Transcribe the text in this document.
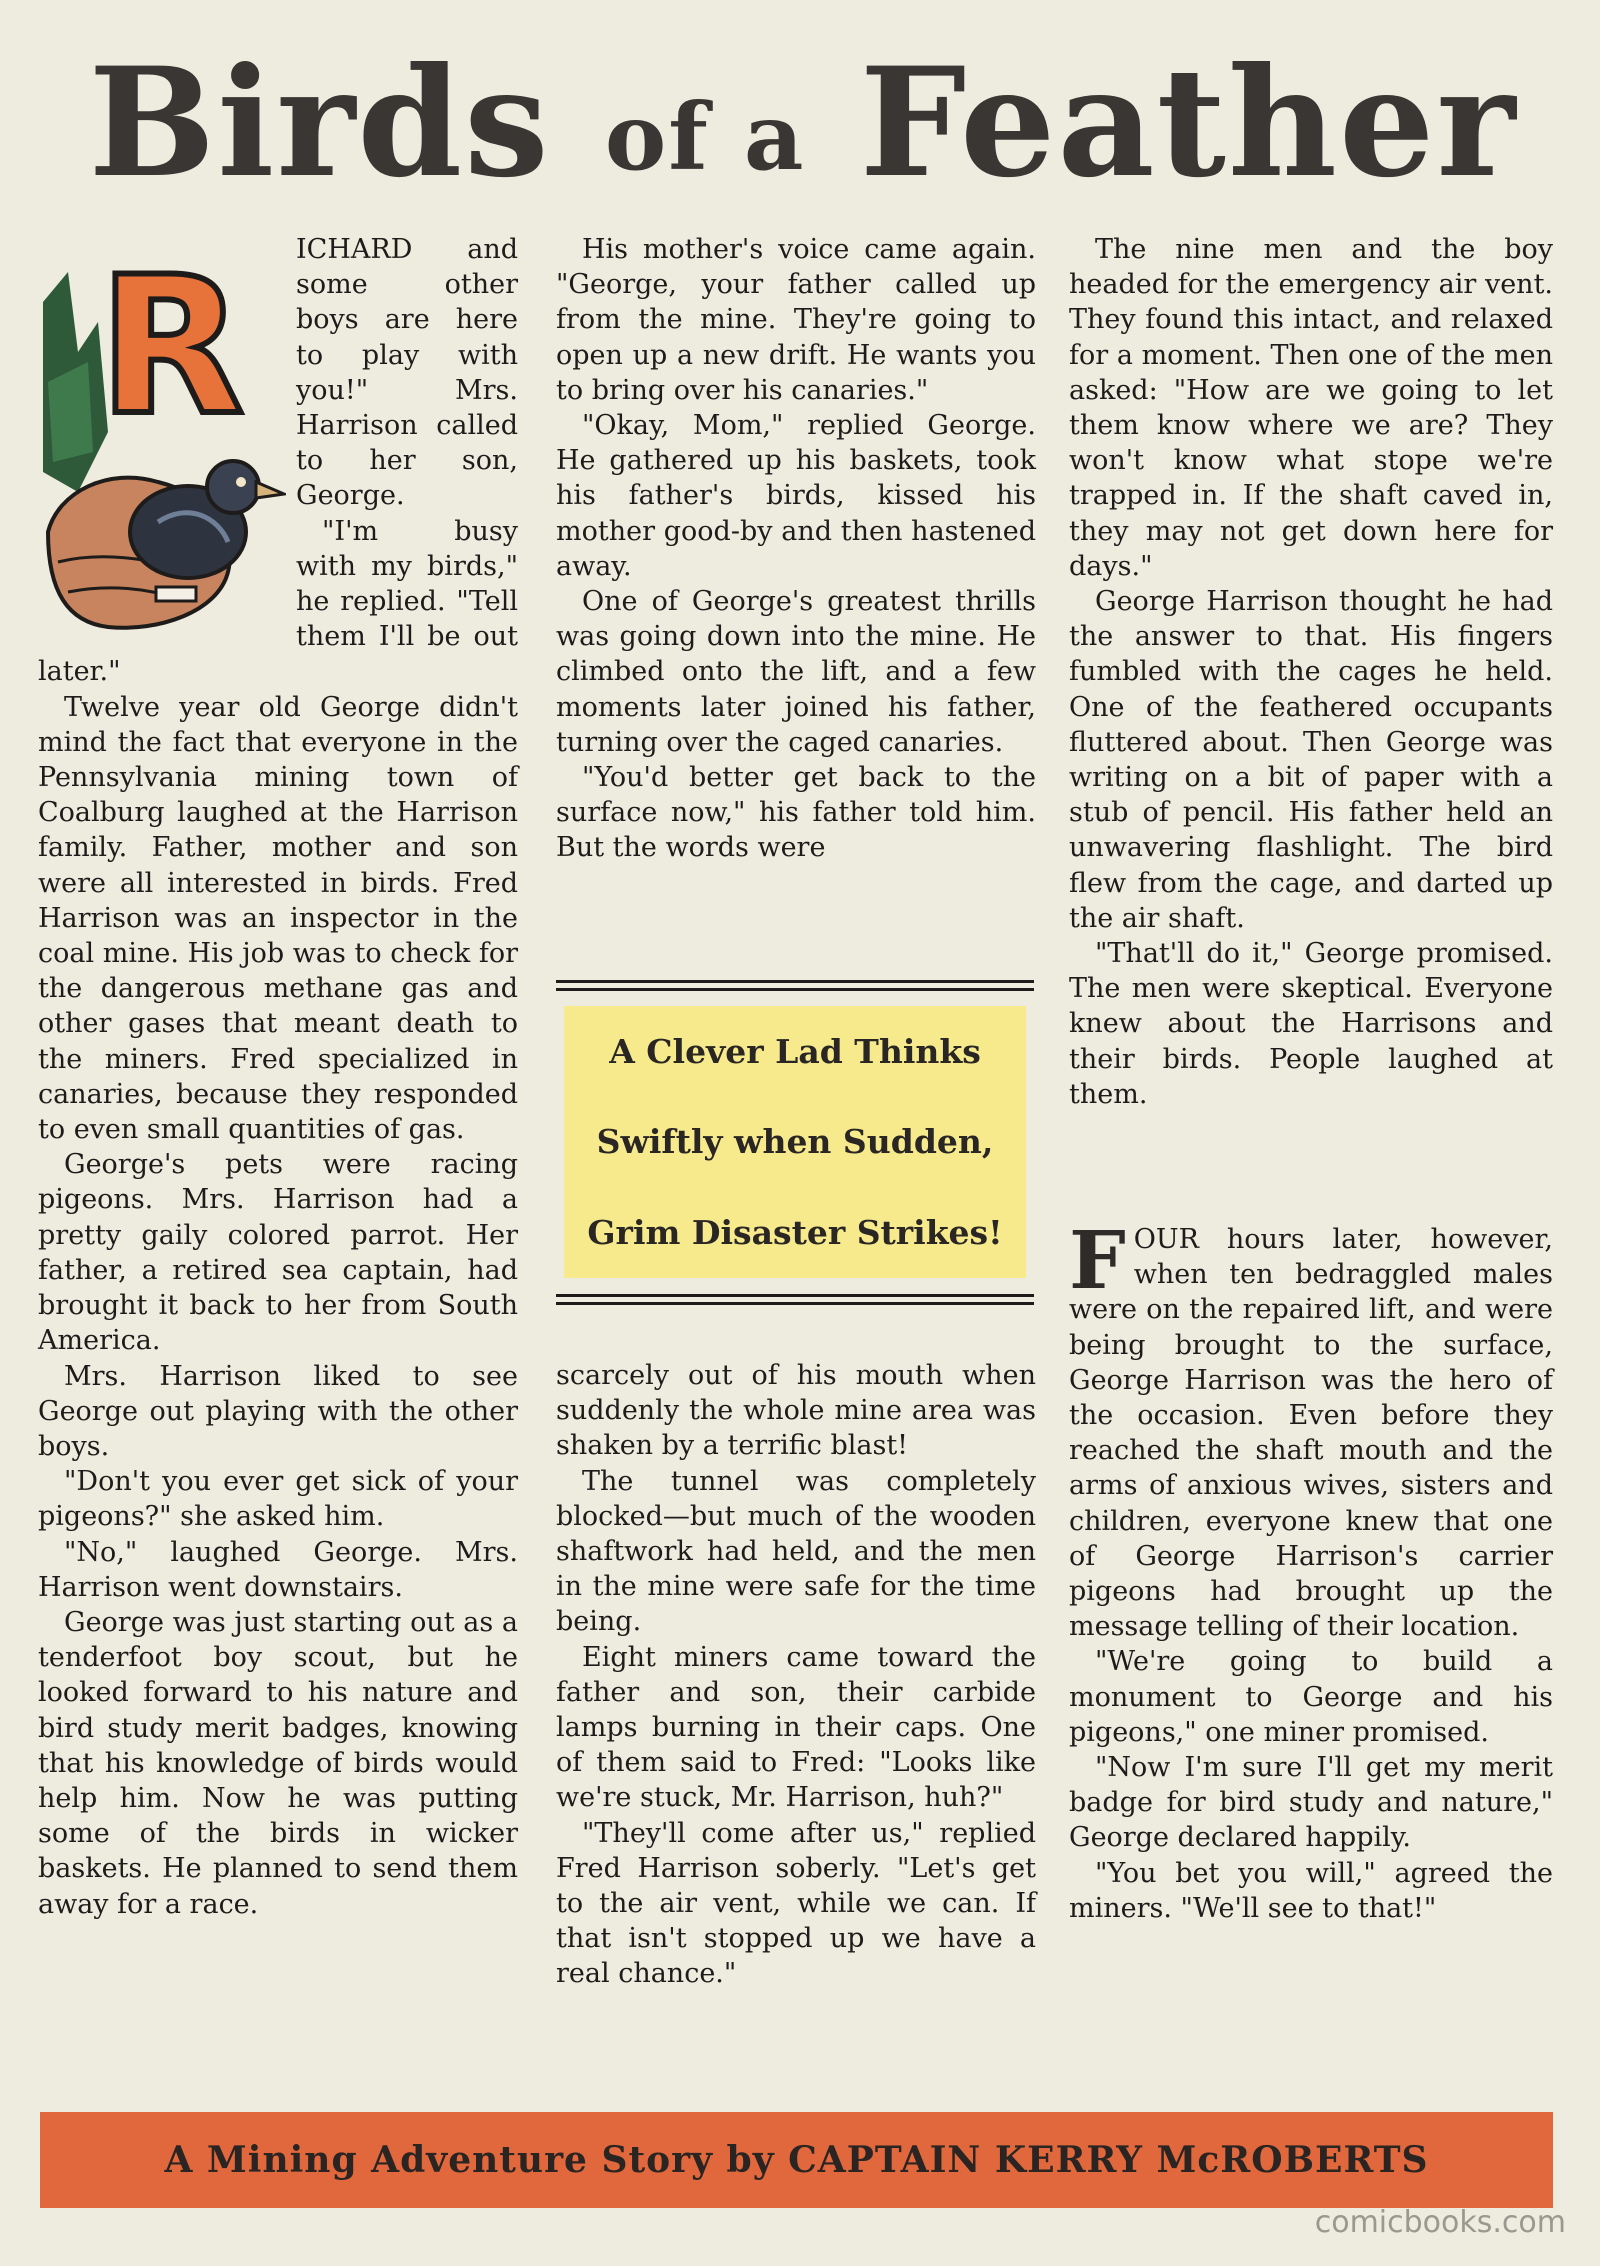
Birds of a Feather
R	ICHARD and some other boys are here to play with you!" Mrs. Harrison called to her son, George.

"I'm busy with my birds," he replied. "Tell them I'll be out later."

Twelve year old George didn't mind the fact that everyone in the Pennsylvania mining town of Coalburg laughed at the Harrison family. Father, mother and son were all interested in birds. Fred Harrison was an inspector in the coal mine. His job was to check for the dangerous methane gas and other gases that meant death to the miners. Fred specialized in canaries, because they responded to even small quantities of gas.

George's pets were racing pigeons. Mrs. Harrison had a pretty gaily colored parrot. Her father, a retired sea captain, had brought it back to her from South America.

Mrs. Harrison liked to see George out playing with the other boys.

"Don't you ever get sick of your pigeons?" she asked him.

"No," laughed George. Mrs. Harrison went downstairs.

George was just starting out as a tenderfoot boy scout, but he looked forward to his nature and bird study merit badges, knowing that his knowledge of birds would help him. Now he was putting some of the birds in wicker baskets. He planned to send them away for a race.

His mother's voice came again. "George, your father called up from the mine. They're going to open up a new drift. He wants you to bring over his canaries."

"Okay, Mom," replied George. He gathered up his baskets, took his father's birds, kissed his mother good-by and then hastened away.

One of George's greatest thrills was going down into the mine. He climbed onto the lift, and a few moments later joined his father, turning over the caged canaries.

"You'd better get back to the surface now," his father told him. But the words were

A Clever Lad Thinks
Swiftly when Sudden,
Grim Disaster Strikes!

scarcely out of his mouth when suddenly the whole mine area was shaken by a terrific blast!

The tunnel was completely blocked—but much of the wooden shaftwork had held, and the men in the mine were safe for the time being.

Eight miners came toward the father and son, their carbide lamps burning in their caps. One of them said to Fred: "Looks like we're stuck, Mr. Harrison, huh?"

"They'll come after us," replied Fred Harrison soberly. "Let's get to the air vent, while we can. If that isn't stopped up we have a real chance."

The nine men and the boy headed for the emergency air vent. They found this intact, and relaxed for a moment. Then one of the men asked: "How are we going to let them know where we are? They won't know what stope we're trapped in. If the shaft caved in, they may not get down here for days."

George Harrison thought he had the answer to that. His fingers fumbled with the cages he held. One of the feathered occupants fluttered about. Then George was writing on a bit of paper with a stub of pencil. His father held an unwavering flashlight. The bird flew from the cage, and darted up the air shaft.

"That'll do it," George promised. The men were skeptical. Everyone knew about the Harrisons and their birds. People laughed at them.

FOUR hours later, however, when ten bedraggled males were on the repaired lift, and were being brought to the surface, George Harrison was the hero of the occasion. Even before they reached the shaft mouth and the arms of anxious wives, sisters and children, everyone knew that one of George Harrison's carrier pigeons had brought up the message telling of their location.

"We're going to build a monument to George and his pigeons," one miner promised.

"Now I'm sure I'll get my merit badge for bird study and nature," George declared happily.

"You bet you will," agreed the miners. "We'll see to that!"

A Mining Adventure Story by CAPTAIN KERRY McROBERTS
comicbooks.com
